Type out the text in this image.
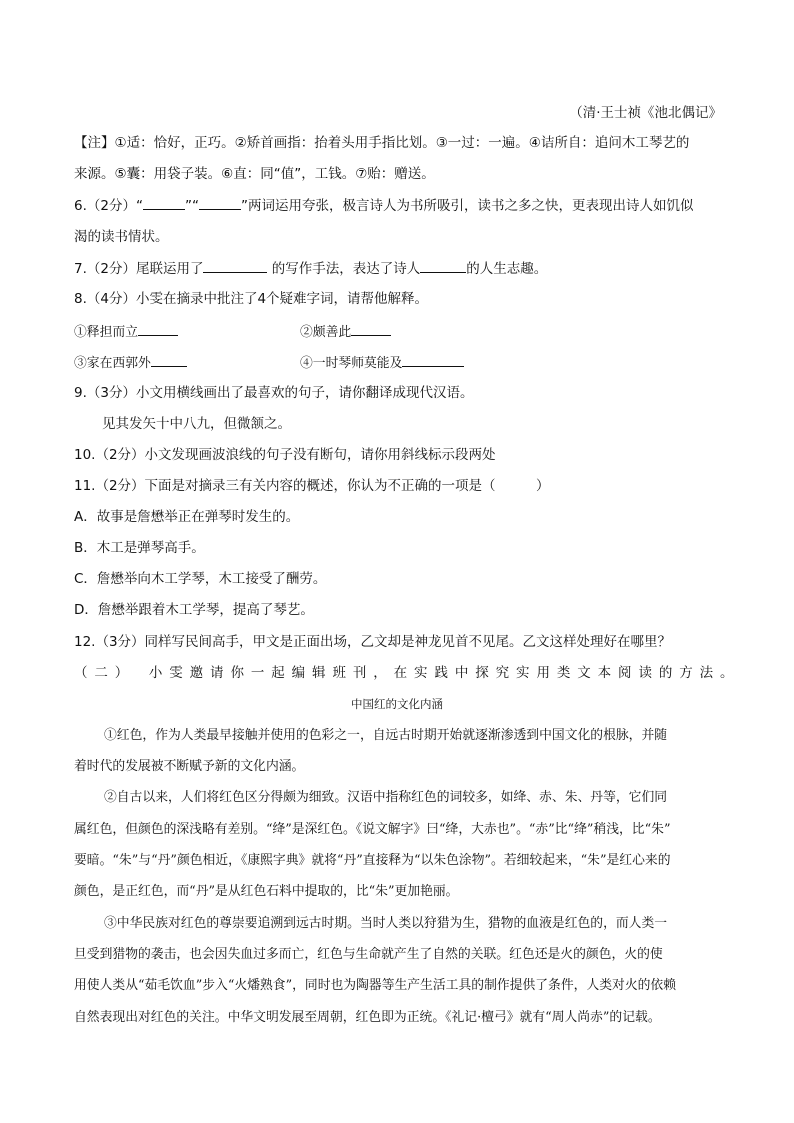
（清·王士祯《池北偶记》
【注】①适：恰好，正巧。②矫首画指：抬着头用手指比划。③一过：一遍。④诘所自：追问木工琴艺的
来源。⑤囊：用袋子装。⑥直：同“值”，工钱。⑦贻：赠送。
6.（2分）“	”“	”两词运用夸张，极言诗人为书所吸引，读书之多之快，更表现出诗人如饥似
渴的读书情状。
7.（2分）尾联运用了	的写作手法，表达了诗人	的人生志趣。
8.（4分）小雯在摘录中批注了4个疑难字词，请帮他解释。
①释担而立	②颇善此
③家在西郭外	④一时琴师莫能及
9.（3分）小文用横线画出了最喜欢的句子，请你翻译成现代汉语。
见其发矢十中八九，但微颔之。
10.（2分）小文发现画波浪线的句子没有断句，请你用斜线标示段两处
11.（2分）下面是对摘录三有关内容的概述，你认为不正确的一项是（　　　）
A．故事是詹懋举正在弹琴时发生的。
B．木工是弹琴高手。
C．詹懋举向木工学琴，木工接受了酬劳。
D．詹懋举跟着木工学琴，提高了琴艺。
12.（3分）同样写民间高手，甲文是正面出场，乙文却是神龙见首不见尾。乙文这样处理好在哪里？
（二）　小雯邀请你一起编辑班刊，在实践中探究实用类文本阅读的方法。
中国红的文化内涵
①红色，作为人类最早接触并使用的色彩之一，自远古时期开始就逐渐渗透到中国文化的根脉，并随
着时代的发展被不断赋予新的文化内涵。
②自古以来，人们将红色区分得颇为细致。汉语中指称红色的词较多，如绛、赤、朱、丹等，它们同
属红色，但颜色的深浅略有差别。“绛”是深红色。《说文解字》曰“绛，大赤也”。“赤”比“绛”稍浅，比“朱”
要暗。“朱”与“丹”颜色相近，《康熙字典》就将“丹”直接释为“以朱色涂物”。若细较起来，“朱”是红心来的
颜色，是正红色，而“丹”是从红色石料中提取的，比“朱”更加艳丽。
③中华民族对红色的尊崇要追溯到远古时期。当时人类以狩猎为生，猎物的血液是红色的，而人类一
旦受到猎物的袭击，也会因失血过多而亡，红色与生命就产生了自然的关联。红色还是火的颜色，火的使
用使人类从“茹毛饮血”步入“火燔熟食”，同时也为陶器等生产生活工具的制作提供了条件，人类对火的依赖
自然表现出对红色的关注。中华文明发展至周朝，红色即为正统。《礼记·檀弓》就有“周人尚赤”的记载。
